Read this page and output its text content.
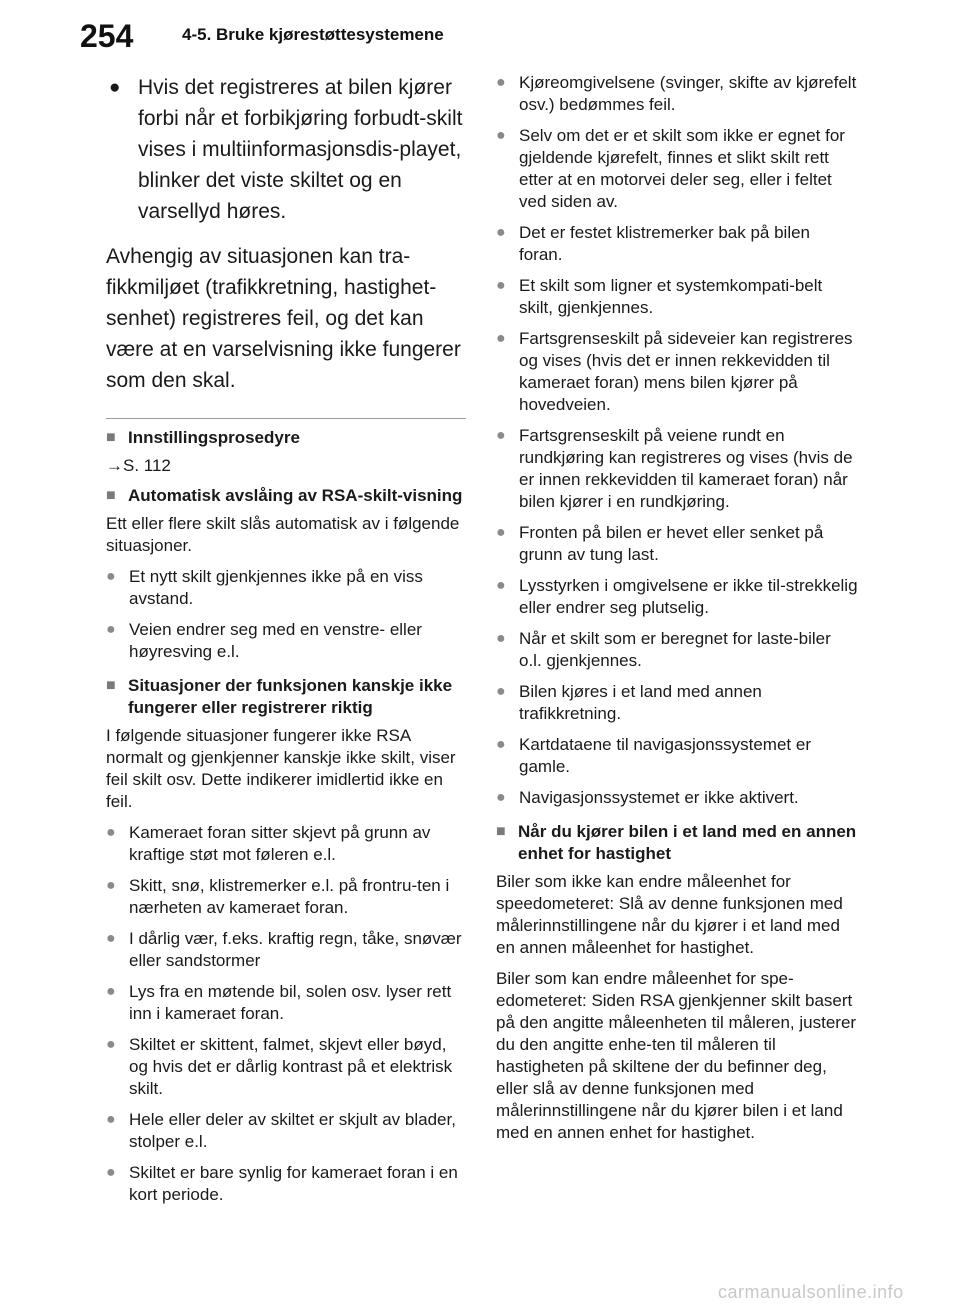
254	4-5. Bruke kjørestøttesystemene
● Hvis det registreres at bilen kjører forbi når et forbikjøring forbudt-skilt vises i multiinformasjonsdis-playet, blinker det viste skiltet og en varsellyd høres.
Avhengig av situasjonen kan tra-fikkmiljøet (trafikkretning, hastighet-senhet) registreres feil, og det kan være at en varselvisning ikke fungerer som den skal.
■ Innstillingsprosedyre
→S. 112
■ Automatisk avslåing av RSA-skilt-visning
Ett eller flere skilt slås automatisk av i følgende situasjoner.
● Et nytt skilt gjenkjennes ikke på en viss avstand.
● Veien endrer seg med en venstre- eller høyresving e.l.
■ Situasjoner der funksjonen kanskje ikke fungerer eller registrerer riktig
I følgende situasjoner fungerer ikke RSA normalt og gjenkjenner kanskje ikke skilt, viser feil skilt osv. Dette indikerer imidlertid ikke en feil.
● Kameraet foran sitter skjevt på grunn av kraftige støt mot føleren e.l.
● Skitt, snø, klistremerker e.l. på frontru-ten i nærheten av kameraet foran.
● I dårlig vær, f.eks. kraftig regn, tåke, snøvær eller sandstormer
● Lys fra en møtende bil, solen osv. lyser rett inn i kameraet foran.
● Skiltet er skittent, falmet, skjevt eller bøyd, og hvis det er dårlig kontrast på et elektrisk skilt.
● Hele eller deler av skiltet er skjult av blader, stolper e.l.
● Skiltet er bare synlig for kameraet foran i en kort periode.
● Kjøreomgivelsene (svinger, skifte av kjørefelt osv.) bedømmes feil.
● Selv om det er et skilt som ikke er egnet for gjeldende kjørefelt, finnes et slikt skilt rett etter at en motorvei deler seg, eller i feltet ved siden av.
● Det er festet klistremerker bak på bilen foran.
● Et skilt som ligner et systemkompati-belt skilt, gjenkjennes.
● Fartsgrenseskilt på sideveier kan registreres og vises (hvis det er innen rekkevidden til kameraet foran) mens bilen kjører på hovedveien.
● Fartsgrenseskilt på veiene rundt en rundkjøring kan registreres og vises (hvis de er innen rekkevidden til kameraet foran) når bilen kjører i en rundkjøring.
● Fronten på bilen er hevet eller senket på grunn av tung last.
● Lysstyrken i omgivelsene er ikke til-strekkelig eller endrer seg plutselig.
● Når et skilt som er beregnet for laste-biler o.l. gjenkjennes.
● Bilen kjøres i et land med annen trafikkretning.
● Kartdataene til navigasjonssystemet er gamle.
● Navigasjonssystemet er ikke aktivert.
■ Når du kjører bilen i et land med en annen enhet for hastighet
Biler som ikke kan endre måleenhet for speedometeret: Slå av denne funksjonen med målerinnstillingene når du kjører i et land med en annen måleenhet for hastighet.
Biler som kan endre måleenhet for spe-edometeret: Siden RSA gjenkjenner skilt basert på den angitte måleenheten til måleren, justerer du den angitte enhe-ten til måleren til hastigheten på skiltene der du befinner deg, eller slå av denne funksjonen med målerinnstillingene når du kjører bilen i et land med en annen enhet for hastighet.
carmanualsonline.info
